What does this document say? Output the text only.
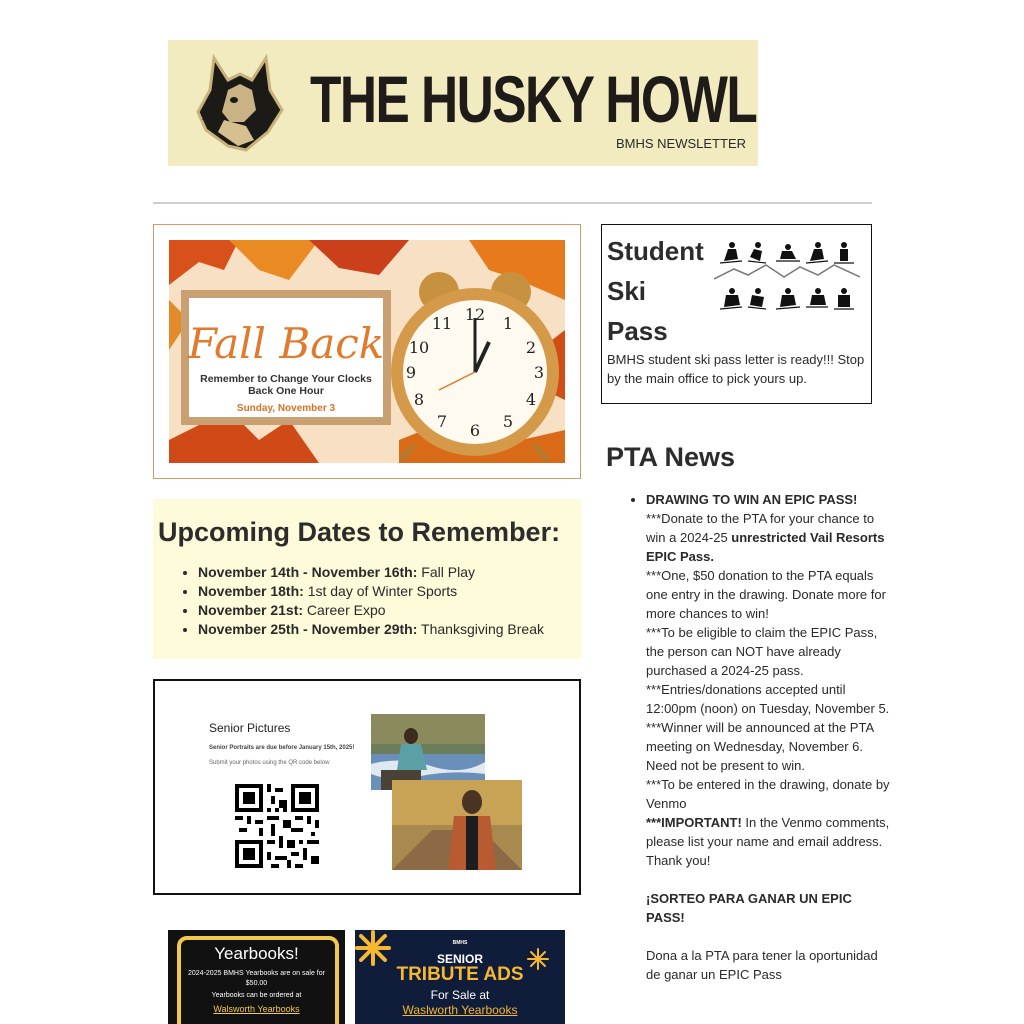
THE HUSKY HOWL
BMHS NEWSLETTER
Fall Back
Remember to Change Your Clocks
Back One Hour
Sunday, November 3
12 1
2
3
4
5
6
7
8
9
10
11
Upcoming Dates to Remember:
• November 14th - November 16th: Fall Play
• November 18th: 1st day of Winter Sports
• November 21st: Career Expo
• November 25th - November 29th: Thanksgiving Break
Senior Pictures
Senior Portraits are due before January 15th, 2025!
Submit your photos using the QR code below
Yearbooks!
2024-2025 BMHS Yearbooks are on sale for
$50.00
Yearbooks can be ordered at
Walsworth Yearbooks
BMHS
SENIOR
TRIBUTE ADS
For Sale at
Waslworth Yearbooks
Student
Ski
Pass

BMHS student ski pass letter is ready!!! Stop by the main office to pick yours up.

PTA News

• DRAWING TO WIN AN EPIC PASS!

***Donate to the PTA for your chance to win a 2024-25 unrestricted Vail Resorts EPIC Pass.

***One, $50 donation to the PTA equals one entry in the drawing. Donate more for more chances to win!

***To be eligible to claim the EPIC Pass, the person can NOT have already purchased a 2024-25 pass.

***Entries/donations accepted until 12:00pm (noon) on Tuesday, November 5.

***Winner will be announced at the PTA meeting on Wednesday, November 6. Need not be present to win.

***To be entered in the drawing, donate by Venmo

***IMPORTANT! In the Venmo comments, please list your name and email address. Thank you!

¡SORTEO PARA GANAR UN EPIC PASS!

Dona a la PTA para tener la oportunidad de ganar un EPIC Pass
